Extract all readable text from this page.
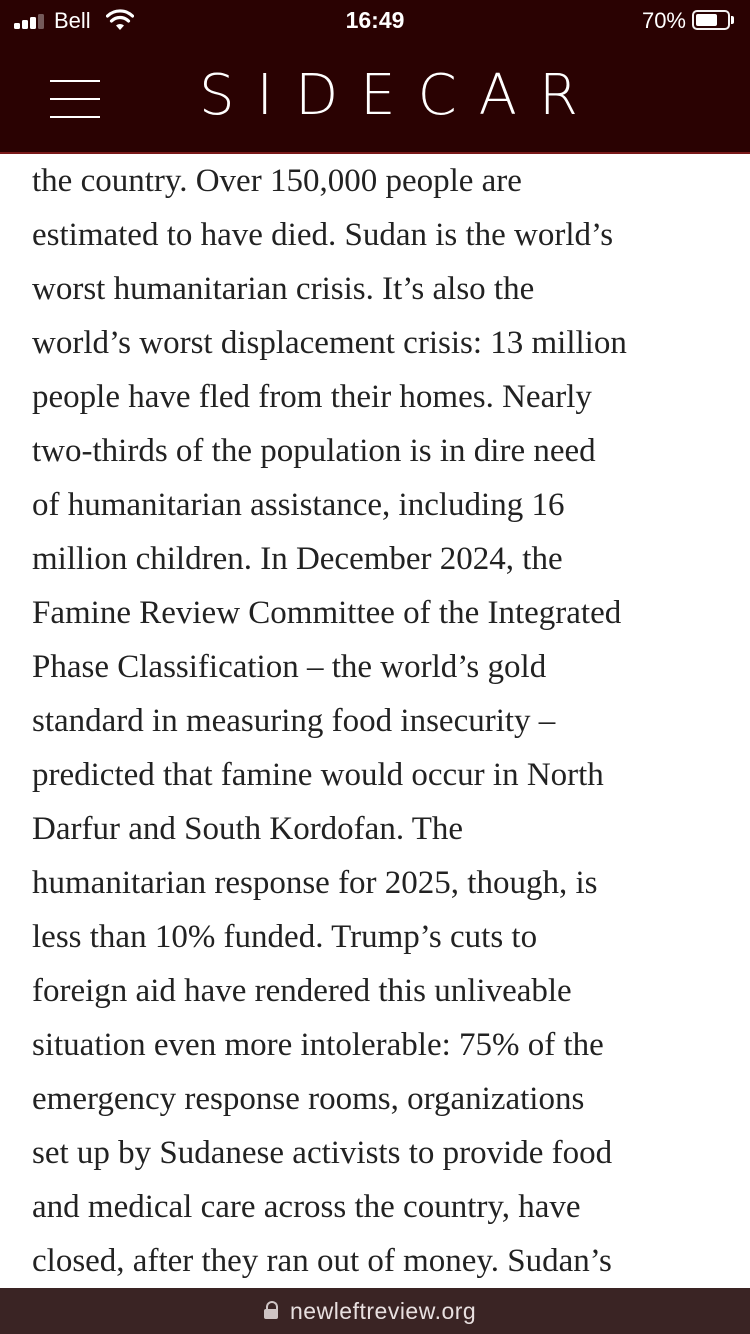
Bell	16:49	70%
SIDECAR

the country. Over 150,000 people are
estimated to have died. Sudan is the world’s
worst humanitarian crisis. It’s also the
world’s worst displacement crisis: 13 million
people have fled from their homes. Nearly
two-thirds of the population is in dire need
of humanitarian assistance, including 16
million children. In December 2024, the
Famine Review Committee of the Integrated
Phase Classification – the world’s gold
standard in measuring food insecurity –
predicted that famine would occur in North
Darfur and South Kordofan. The
humanitarian response for 2025, though, is
less than 10% funded. Trump’s cuts to
foreign aid have rendered this unliveable
situation even more intolerable: 75% of the
emergency response rooms, organizations
set up by Sudanese activists to provide food
and medical care across the country, have
closed, after they ran out of money. Sudan’s

newleftreview.org
